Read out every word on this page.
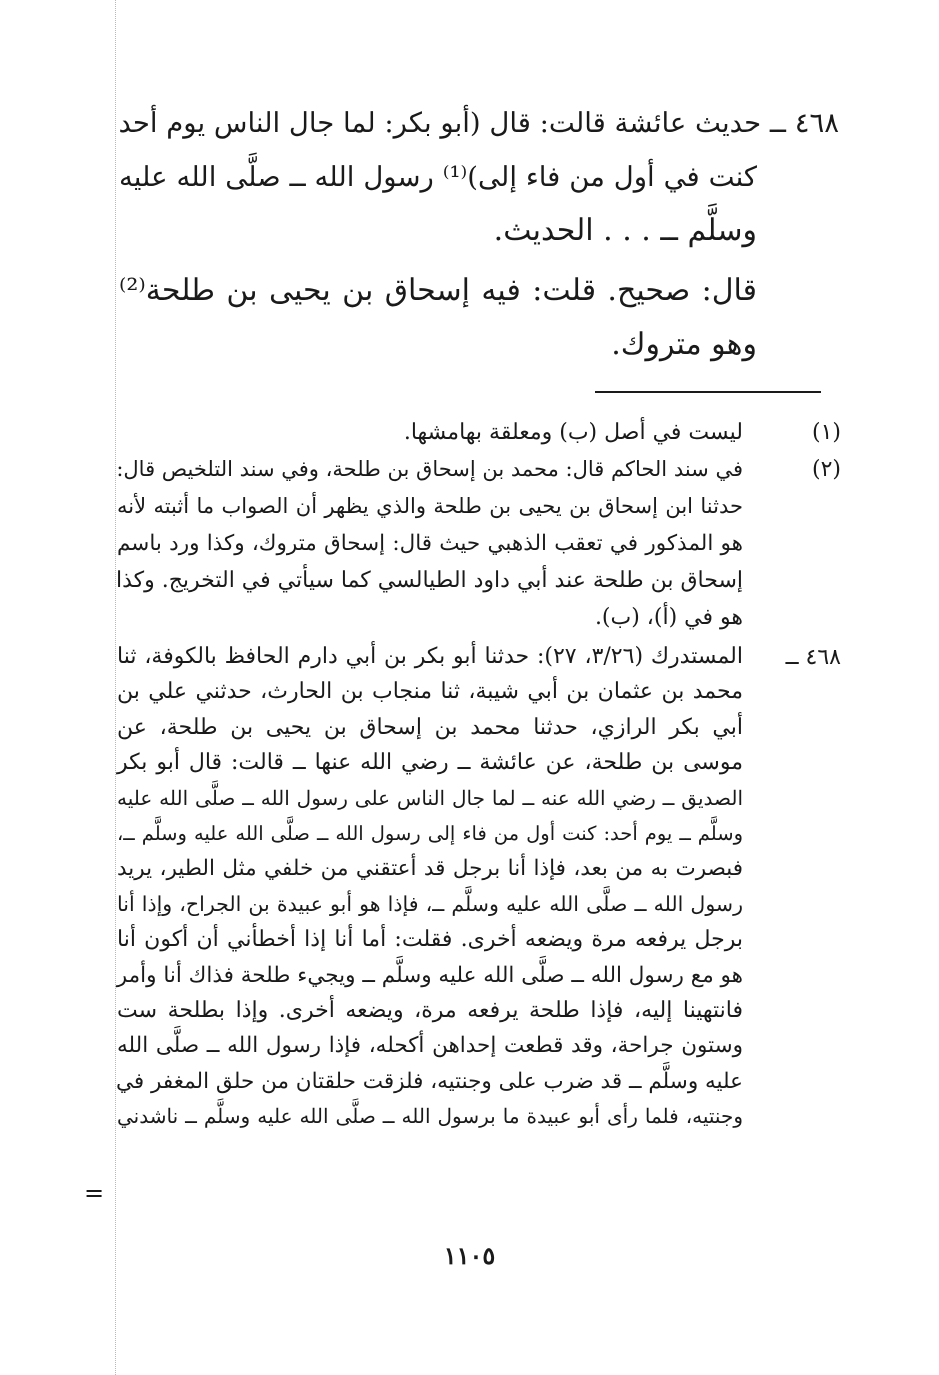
٤٦٨ ــ حديث عائشة قالت: قال (أبو بكر: لما جال الناس يوم أحد
كنت في أول من فاء إلى)⁽¹⁾ رسول الله ــ صلَّى الله عليه
وسلَّم ــ . . . الحديث.
قال: صحيح. قلت: فيه إسحاق بن يحيى بن طلحة⁽²⁾
وهو متروك.
(١)
ليست في أصل (ب) ومعلقة بهامشها.
(٢)
في سند الحاكم قال: محمد بن إسحاق بن طلحة، وفي سند التلخيص قال:
حدثنا ابن إسحاق بن يحيى بن طلحة والذي يظهر أن الصواب ما أثبته لأنه
هو المذكور في تعقب الذهبي حيث قال: إسحاق متروك، وكذا ورد باسم
إسحاق بن طلحة عند أبي داود الطيالسي كما سيأتي في التخريج. وكذا
هو في (أ)، (ب).
٤٦٨ ــ
المستدرك (٣/٢٦، ٢٧): حدثنا أبو بكر بن أبي دارم الحافظ بالكوفة، ثنا
محمد بن عثمان بن أبي شيبة، ثنا منجاب بن الحارث، حدثني علي بن
أبي بكر الرازي، حدثنا محمد بن إسحاق بن يحيى بن طلحة، عن
موسى بن طلحة، عن عائشة ــ رضي الله عنها ــ قالت: قال أبو بكر
الصديق ــ رضي الله عنه ــ لما جال الناس على رسول الله ــ صلَّى الله عليه
وسلَّم ــ يوم أحد: كنت أول من فاء إلى رسول الله ــ صلَّى الله عليه وسلَّم ــ،
فبصرت به من بعد، فإذا أنا برجل قد أعتقني من خلفي مثل الطير، يريد
رسول الله ــ صلَّى الله عليه وسلَّم ــ، فإذا هو أبو عبيدة بن الجراح، وإذا أنا
برجل يرفعه مرة ويضعه أخرى. فقلت: أما أنا إذا أخطأني أن أكون أنا
هو مع رسول الله ــ صلَّى الله عليه وسلَّم ــ ويجيء طلحة فذاك أنا وأمر
فانتهينا إليه، فإذا طلحة يرفعه مرة، ويضعه أخرى. وإذا بطلحة ست
وستون جراحة، وقد قطعت إحداهن أكحله، فإذا رسول الله ــ صلَّى الله
عليه وسلَّم ــ قد ضرب على وجنتيه، فلزقت حلقتان من حلق المغفر في
وجنتيه، فلما رأى أبو عبيدة ما برسول الله ــ صلَّى الله عليه وسلَّم ــ ناشدني
=
١١٠٥
